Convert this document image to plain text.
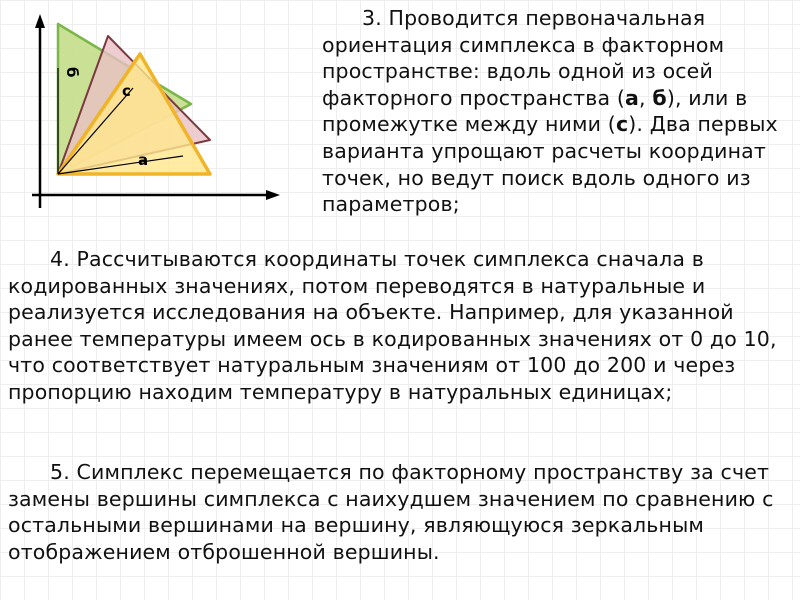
б
с
а

3. Проводится первоначальная ориентация симплекса в факторном пространстве: вдоль одной из осей факторного пространства (а, б), или в промежутке между ними (с). Два первых варианта упрощают расчеты координат точек, но ведут поиск вдоль одного из параметров;

4. Рассчитываются координаты точек симплекса сначала в кодированных значениях, потом переводятся в натуральные и реализуется исследования на объекте. Например, для указанной ранее температуры имеем ось в кодированных значениях от 0 до 10, что соответствует натуральным значениям от 100 до 200 и через пропорцию находим температуру в натуральных единицах;

5. Симплекс перемещается по факторному пространству за счет замены вершины симплекса с наихудшем значением по сравнению с остальными вершинами на вершину, являющуюся зеркальным отображением отброшенной вершины.
